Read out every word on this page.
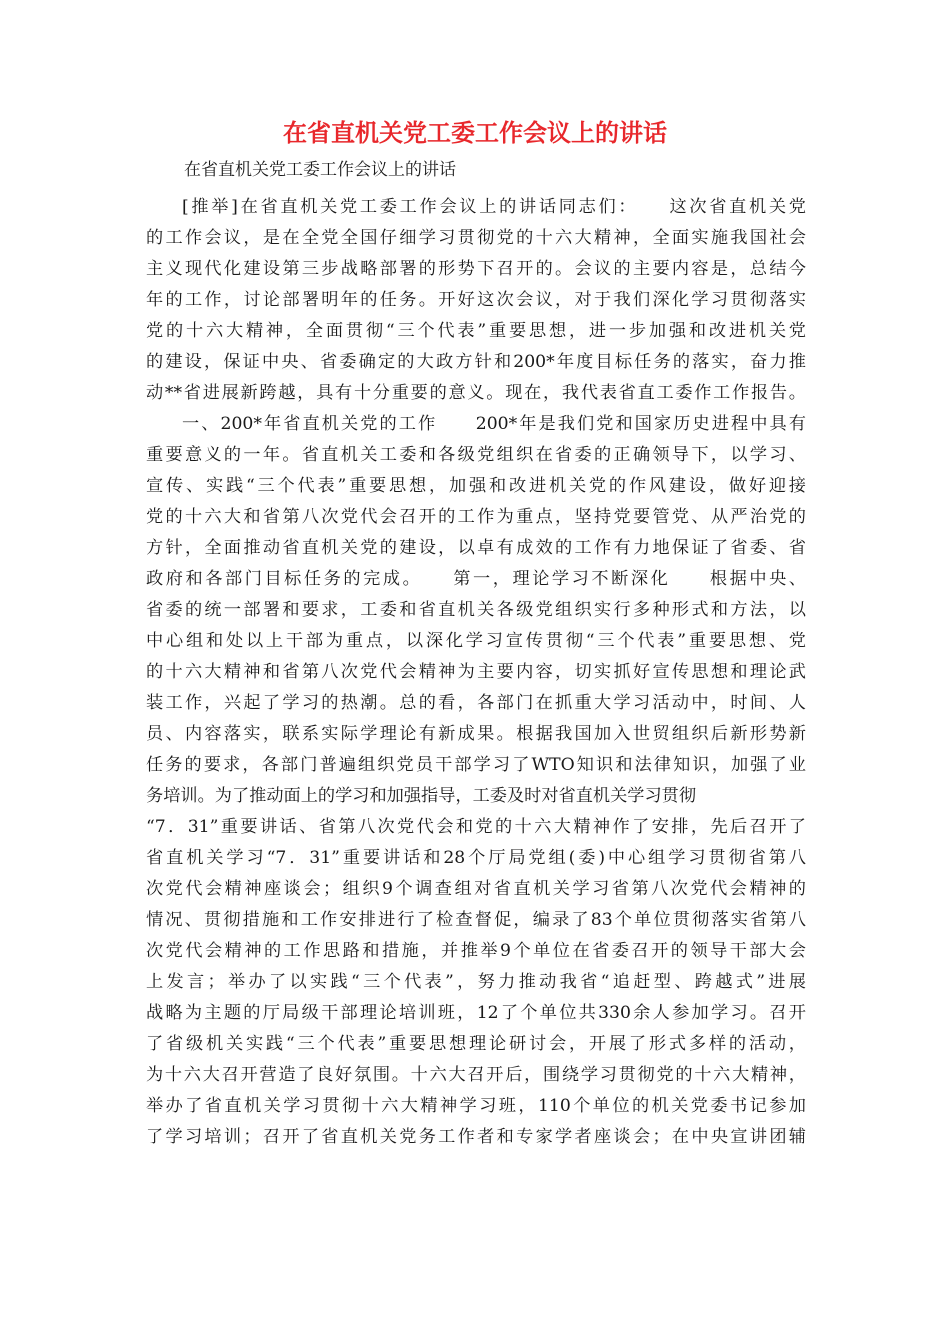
在省直机关党工委工作会议上的讲话
在省直机关党工委工作会议上的讲话
[推举]在省直机关党工委工作会议上的讲话同志们：　　这次省直机关党
的工作会议，是在全党全国仔细学习贯彻党的十六大精神，全面实施我国社会
主义现代化建设第三步战略部署的形势下召开的。会议的主要内容是，总结今
年的工作，讨论部署明年的任务。开好这次会议，对于我们深化学习贯彻落实
党的十六大精神，全面贯彻“三个代表”重要思想，进一步加强和改进机关党
的建设，保证中央、省委确定的大政方针和200*年度目标任务的落实，奋力推
动**省进展新跨越，具有十分重要的意义。现在，我代表省直工委作工作报告。
一、200*年省直机关党的工作　　200*年是我们党和国家历史进程中具有
重要意义的一年。省直机关工委和各级党组织在省委的正确领导下，以学习、
宣传、实践“三个代表”重要思想，加强和改进机关党的作风建设，做好迎接
党的十六大和省第八次党代会召开的工作为重点，坚持党要管党、从严治党的
方针，全面推动省直机关党的建设，以卓有成效的工作有力地保证了省委、省
政府和各部门目标任务的完成。　　第一，理论学习不断深化　　根据中央、
省委的统一部署和要求，工委和省直机关各级党组织实行多种形式和方法，以
中心组和处以上干部为重点，以深化学习宣传贯彻“三个代表”重要思想、党
的十六大精神和省第八次党代会精神为主要内容，切实抓好宣传思想和理论武
装工作，兴起了学习的热潮。总的看，各部门在抓重大学习活动中，时间、人
员、内容落实，联系实际学理论有新成果。根据我国加入世贸组织后新形势新
任务的要求，各部门普遍组织党员干部学习了WTO知识和法律知识，加强了业
务培训。为了推动面上的学习和加强指导，工委及时对省直机关学习贯彻
“7．31”重要讲话、省第八次党代会和党的十六大精神作了安排，先后召开了
省直机关学习“7．31”重要讲话和28个厅局党组(委)中心组学习贯彻省第八
次党代会精神座谈会；组织9个调查组对省直机关学习省第八次党代会精神的
情况、贯彻措施和工作安排进行了检查督促，编录了83个单位贯彻落实省第八
次党代会精神的工作思路和措施，并推举9个单位在省委召开的领导干部大会
上发言；举办了以实践“三个代表”，努力推动我省“追赶型、跨越式”进展
战略为主题的厅局级干部理论培训班，12了个单位共330余人参加学习。召开
了省级机关实践“三个代表”重要思想理论研讨会，开展了形式多样的活动，
为十六大召开营造了良好氛围。十六大召开后，围绕学习贯彻党的十六大精神，
举办了省直机关学习贯彻十六大精神学习班，110个单位的机关党委书记参加
了学习培训；召开了省直机关党务工作者和专家学者座谈会；在中央宣讲团辅
